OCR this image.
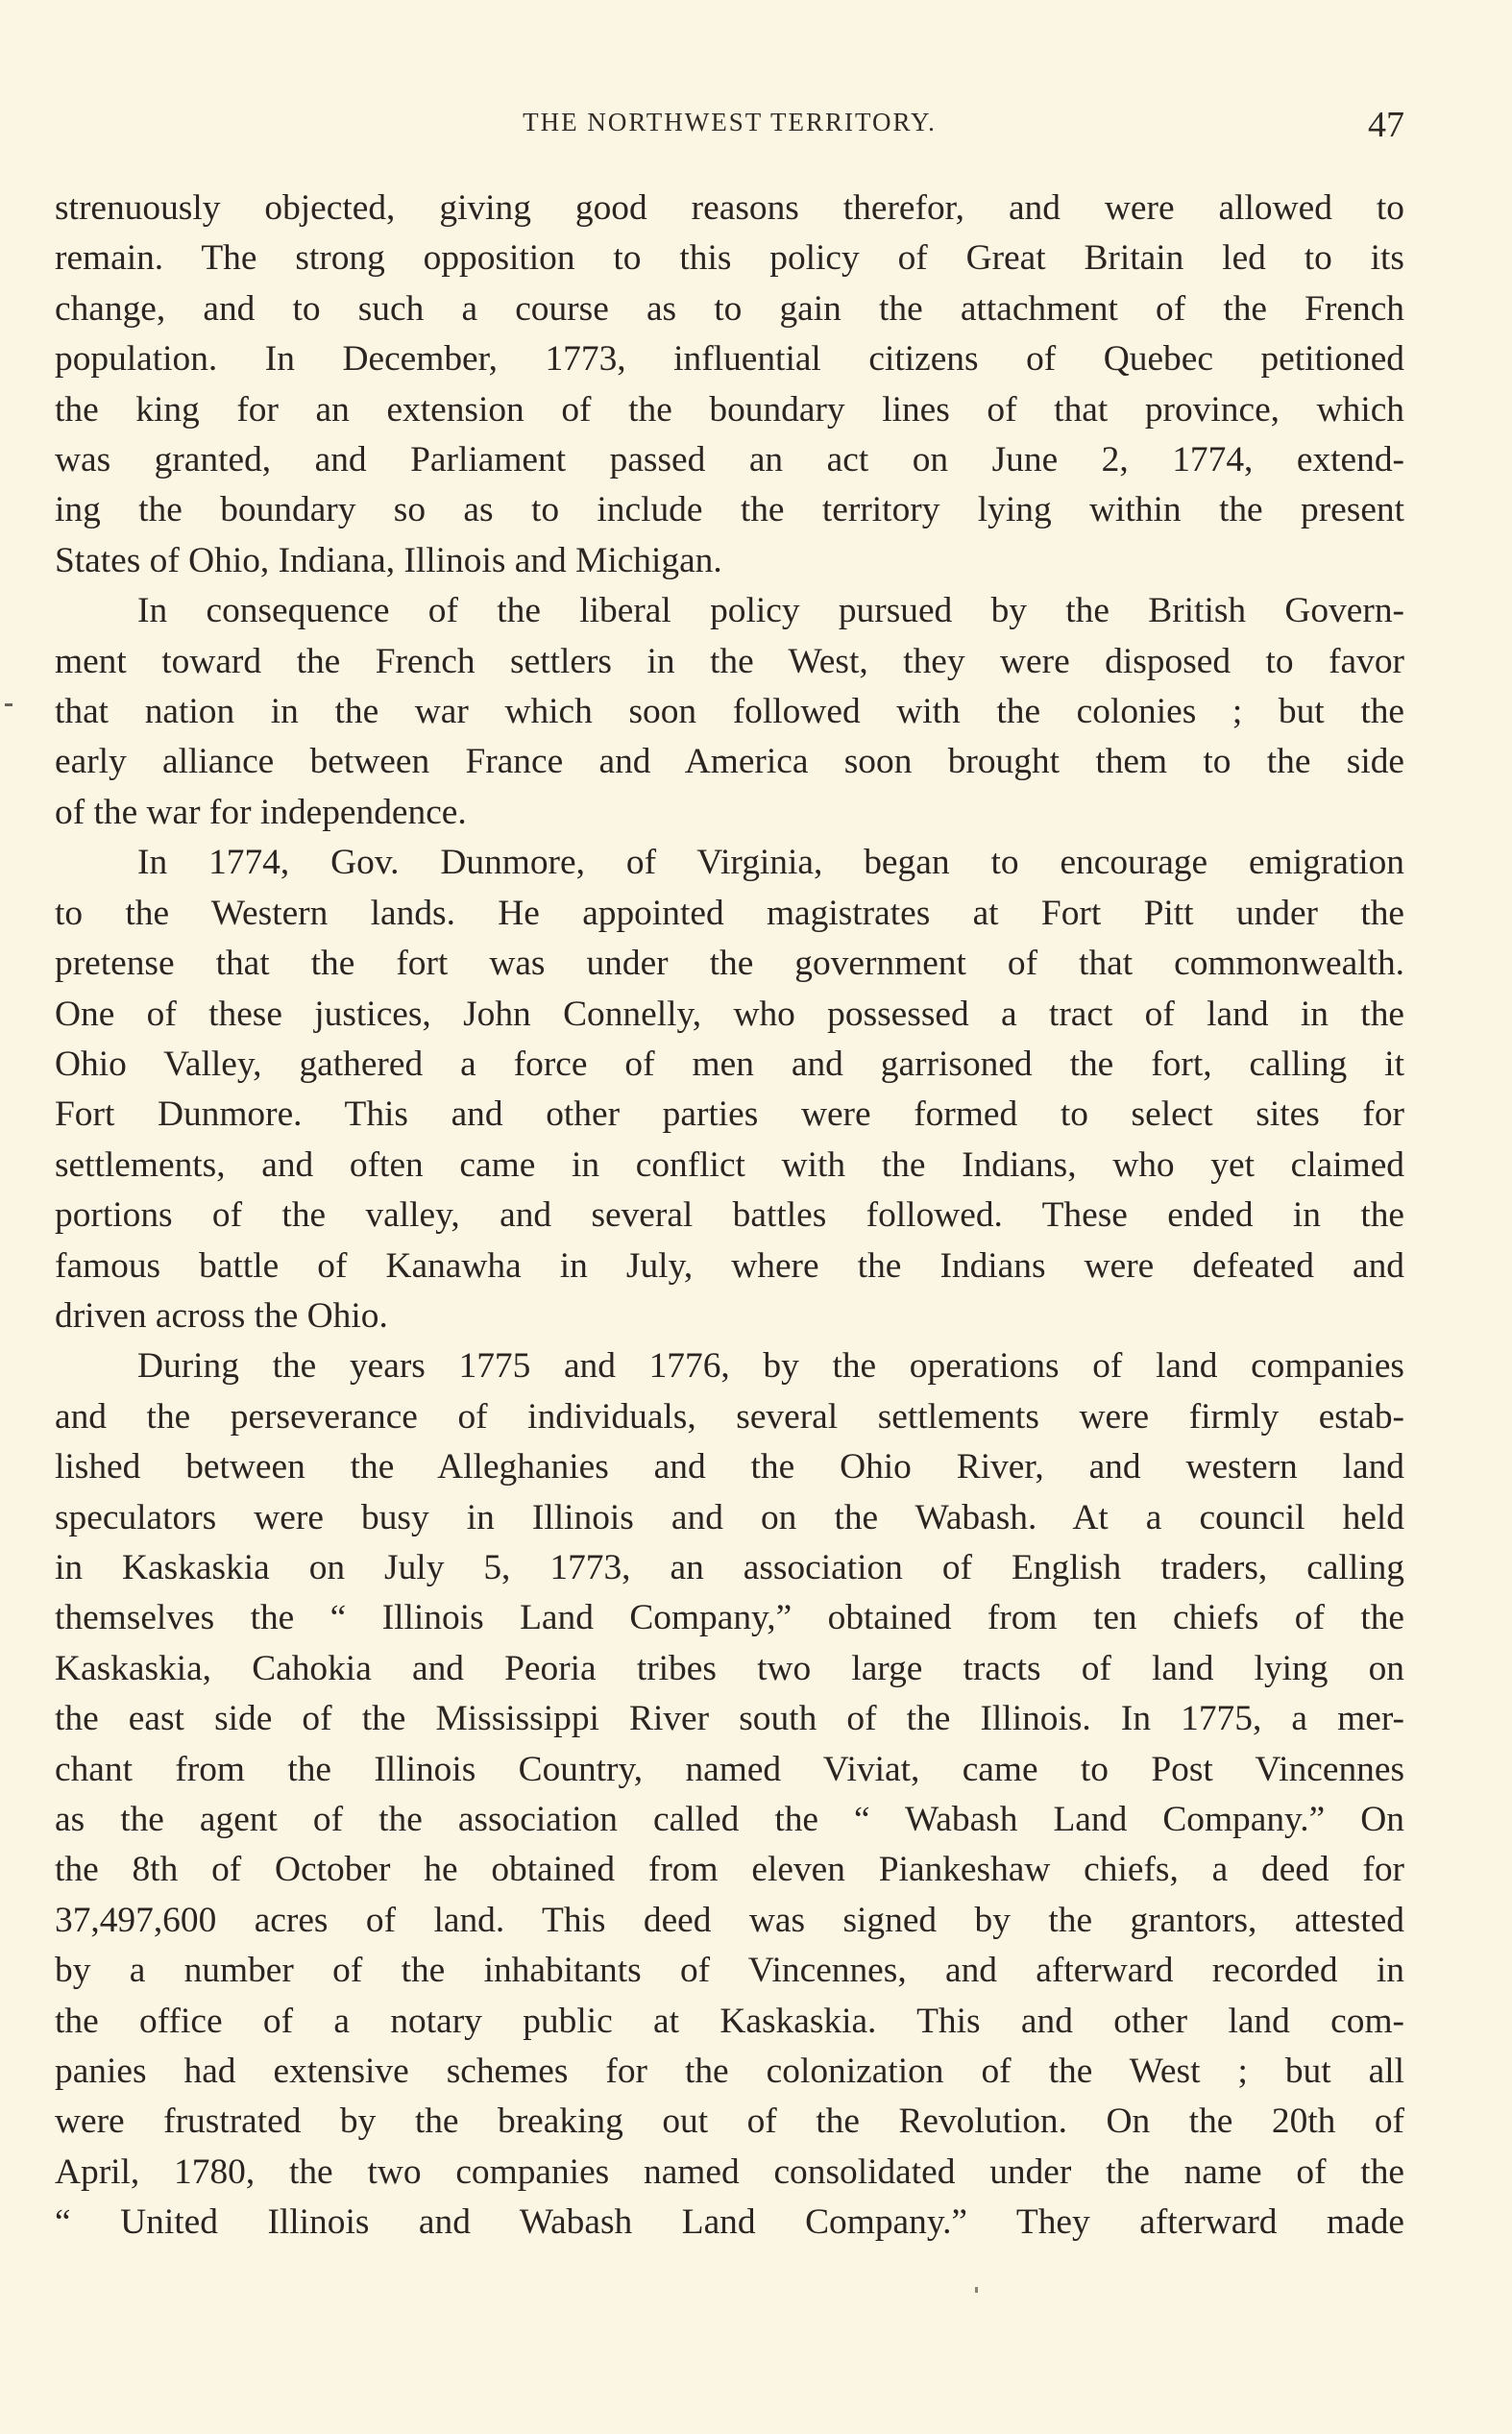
THE NORTHWEST TERRITORY.	47

strenuously objected, giving good reasons therefor, and were allowed to
remain. The strong opposition to this policy of Great Britain led to its
change, and to such a course as to gain the attachment of the French
population. In December, 1773, influential citizens of Quebec petitioned
the king for an extension of the boundary lines of that province, which
was granted, and Parliament passed an act on June 2, 1774, extend-
ing the boundary so as to include the territory lying within the present
States of Ohio, Indiana, Illinois and Michigan.

In consequence of the liberal policy pursued by the British Govern-
ment toward the French settlers in the West, they were disposed to favor
that nation in the war which soon followed with the colonies ; but the
early alliance between France and America soon brought them to the side
of the war for independence.

In 1774, Gov. Dunmore, of Virginia, began to encourage emigration
to the Western lands. He appointed magistrates at Fort Pitt under the
pretense that the fort was under the government of that commonwealth.
One of these justices, John Connelly, who possessed a tract of land in the
Ohio Valley, gathered a force of men and garrisoned the fort, calling it
Fort Dunmore. This and other parties were formed to select sites for
settlements, and often came in conflict with the Indians, who yet claimed
portions of the valley, and several battles followed. These ended in the
famous battle of Kanawha in July, where the Indians were defeated and
driven across the Ohio.

During the years 1775 and 1776, by the operations of land companies
and the perseverance of individuals, several settlements were firmly estab-
lished between the Alleghanies and the Ohio River, and western land
speculators were busy in Illinois and on the Wabash. At a council held
in Kaskaskia on July 5, 1773, an association of English traders, calling
themselves the “ Illinois Land Company,” obtained from ten chiefs of the
Kaskaskia, Cahokia and Peoria tribes two large tracts of land lying on
the east side of the Mississippi River south of the Illinois. In 1775, a mer-
chant from the Illinois Country, named Viviat, came to Post Vincennes
as the agent of the association called the “ Wabash Land Company.” On
the 8th of October he obtained from eleven Piankeshaw chiefs, a deed for
37,497,600 acres of land. This deed was signed by the grantors, attested
by a number of the inhabitants of Vincennes, and afterward recorded in
the office of a notary public at Kaskaskia. This and other land com-
panies had extensive schemes for the colonization of the West ; but all
were frustrated by the breaking out of the Revolution. On the 20th of
April, 1780, the two companies named consolidated under the name of the
“ United Illinois and Wabash Land Company.” They afterward made
